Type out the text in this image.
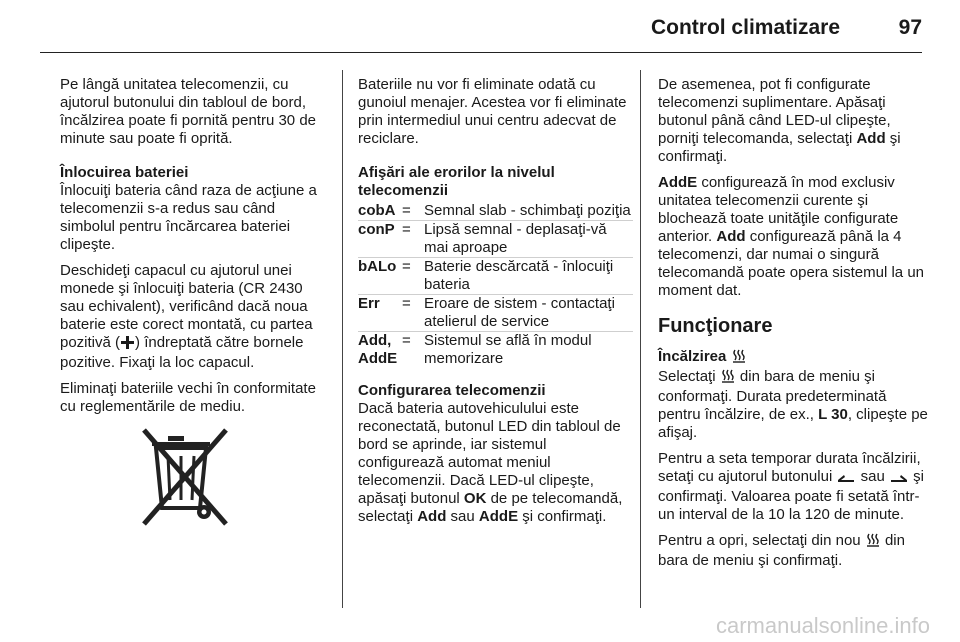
Control climatizare	97

Pe lângă unitatea telecomenzii, cu ajutorul butonului din tabloul de bord, încălzirea poate fi pornită pentru 30 de minute sau poate fi oprită.

Înlocuirea bateriei

Înlocuiţi bateria când raza de acţiune a telecomenzii s-a redus sau când simbolul pentru încărcarea bateriei clipeşte.

Deschideţi capacul cu ajutorul unei monede şi înlocuiţi bateria (CR 2430 sau echivalent), verificând dacă noua baterie este corect montată, cu partea pozitivă ( ) îndreptată către bornele pozitive. Fixaţi la loc capacul.

Eliminaţi bateriile vechi în conformitate cu reglementările de mediu.

Bateriile nu vor fi eliminate odată cu gunoiul menajer. Acestea vor fi eliminate prin intermediul unui centru adecvat de reciclare.

Afişări ale erorilor la nivelul telecomenzii
cobA	=	Semnal slab - schimbaţi poziţia
conP	=	Lipsă semnal - deplasaţi-vă mai aproape
bALo	=	Baterie descărcată - înlocuiţi bateria
Err	=	Eroare de sistem - contactaţi atelierul de service
Add, AddE	=	Sistemul se află în modul memorizare
Configurarea telecomenzii

Dacă bateria autovehiculului este reconectată, butonul LED din tabloul de bord se aprinde, iar sistemul configurează automat meniul telecomenzii. Dacă LED-ul clipeşte, apăsaţi butonul OK de pe telecomandă, selectaţi Add sau AddE şi confirmaţi.

De asemenea, pot fi configurate telecomenzi suplimentare. Apăsaţi butonul până când LED-ul clipeşte, porniţi telecomanda, selectaţi Add şi confirmaţi.

AddE configurează în mod exclusiv unitatea telecomenzii curente şi blochează toate unităţile configurate anterior. Add configurează până la 4 telecomenzi, dar numai o singură telecomandă poate opera sistemul la un moment dat.

Funcţionare
Încălzirea

Selectaţi din bara de meniu şi conformaţi. Durata predeterminată pentru încălzire, de ex., L 30, clipeşte pe afişaj.

Pentru a seta temporar durata încălzirii, setaţi cu ajutorul butonului sau şi confirmaţi. Valoarea poate fi setată într-un interval de la 10 la 120 de minute.

Pentru a opri, selectaţi din nou din bara de meniu şi confirmaţi.

carmanualsonline.info
